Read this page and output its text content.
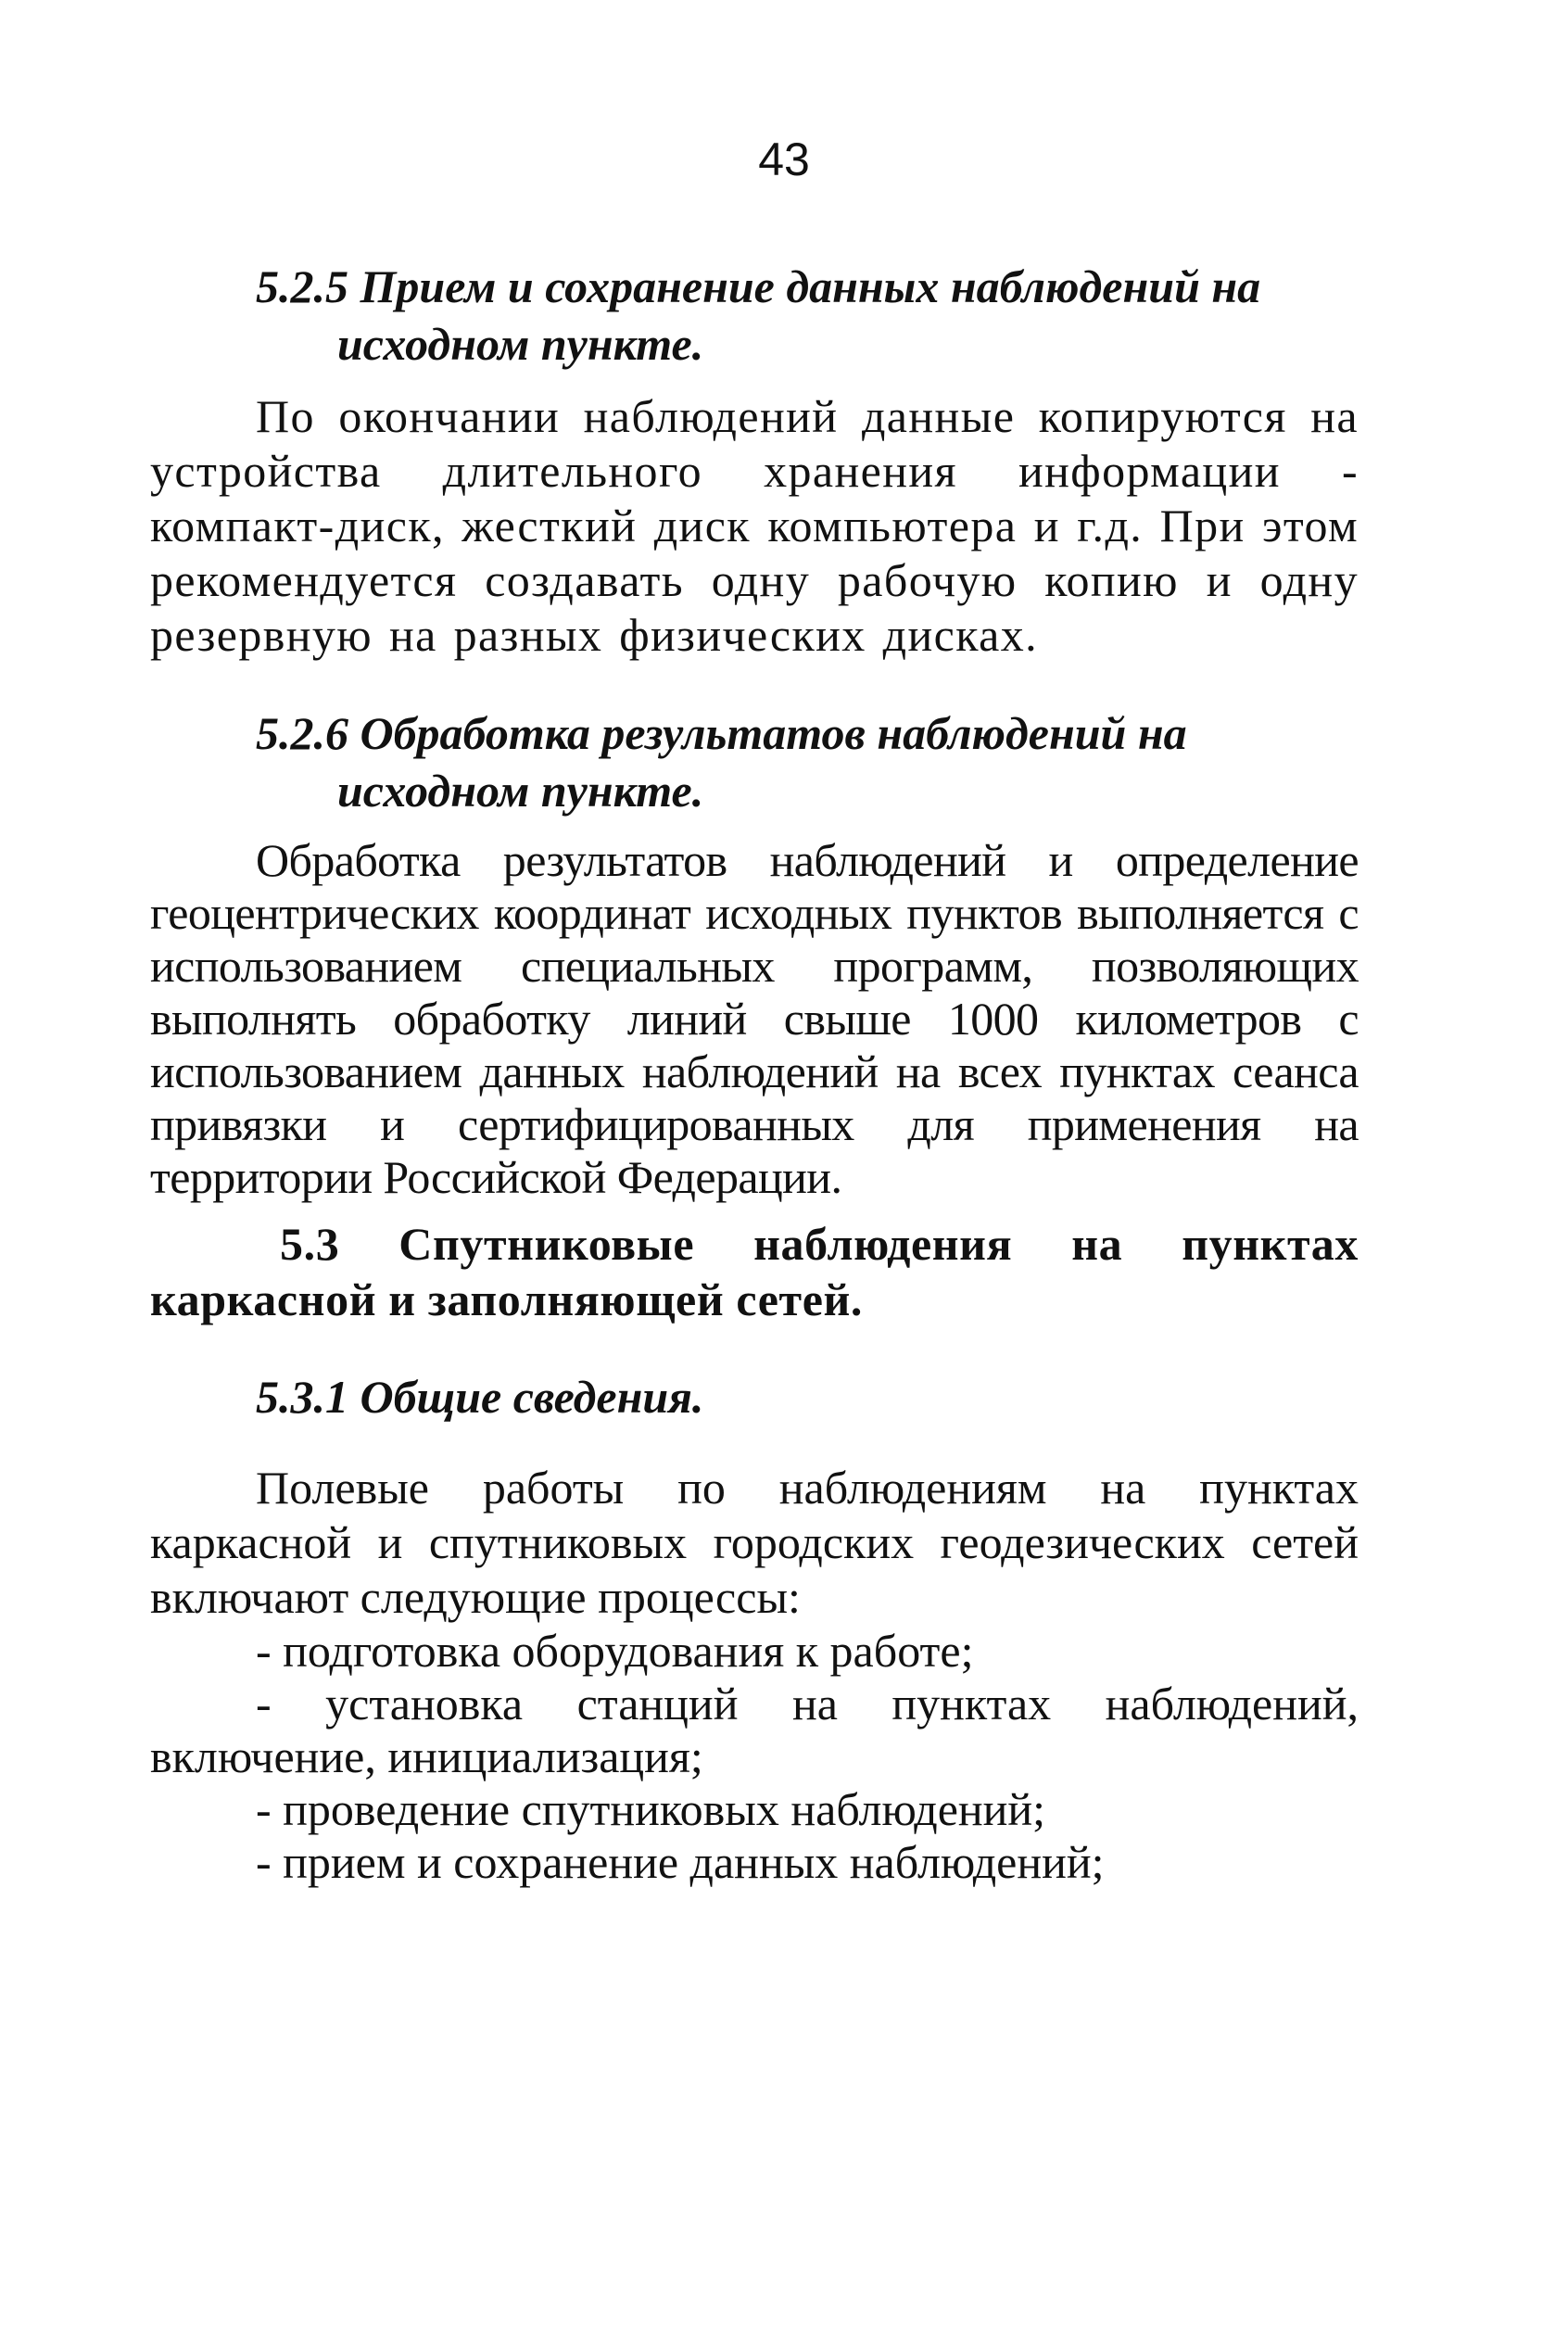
43
5.2.5 Прием и сохранение данных наблюдений на
исходном пункте.

По окончании наблюдений данные копируются на устройства длительного хранения информации - компакт-диск, жесткий диск компьютера и г.д. При этом рекомендуется создавать одну рабочую копию и одну резервную на разных физических дисках.

5.2.6 Обработка результатов наблюдений на
исходном пункте.

Обработка результатов наблюдений и определение геоцентрических координат исходных пунктов выполняется с использованием специальных программ, позволяющих выполнять обработку линий свыше 1000 километров с использованием данных наблюдений на всех пунктах сеанса привязки и сертифицированных для применения на территории Российской Федерации.

5.3 Спутниковые наблюдения на пунктах каркасной и заполняющей сетей.
5.3.1 Общие сведения.

Полевые работы по наблюдениям на пунктах каркасной и спутниковых городских геодезических сетей включают следующие процессы:

- подготовка оборудования к работе;
- установка станций на пунктах наблюдений, включение, инициализация;
- проведение спутниковых наблюдений;
- прием и сохранение данных наблюдений;
